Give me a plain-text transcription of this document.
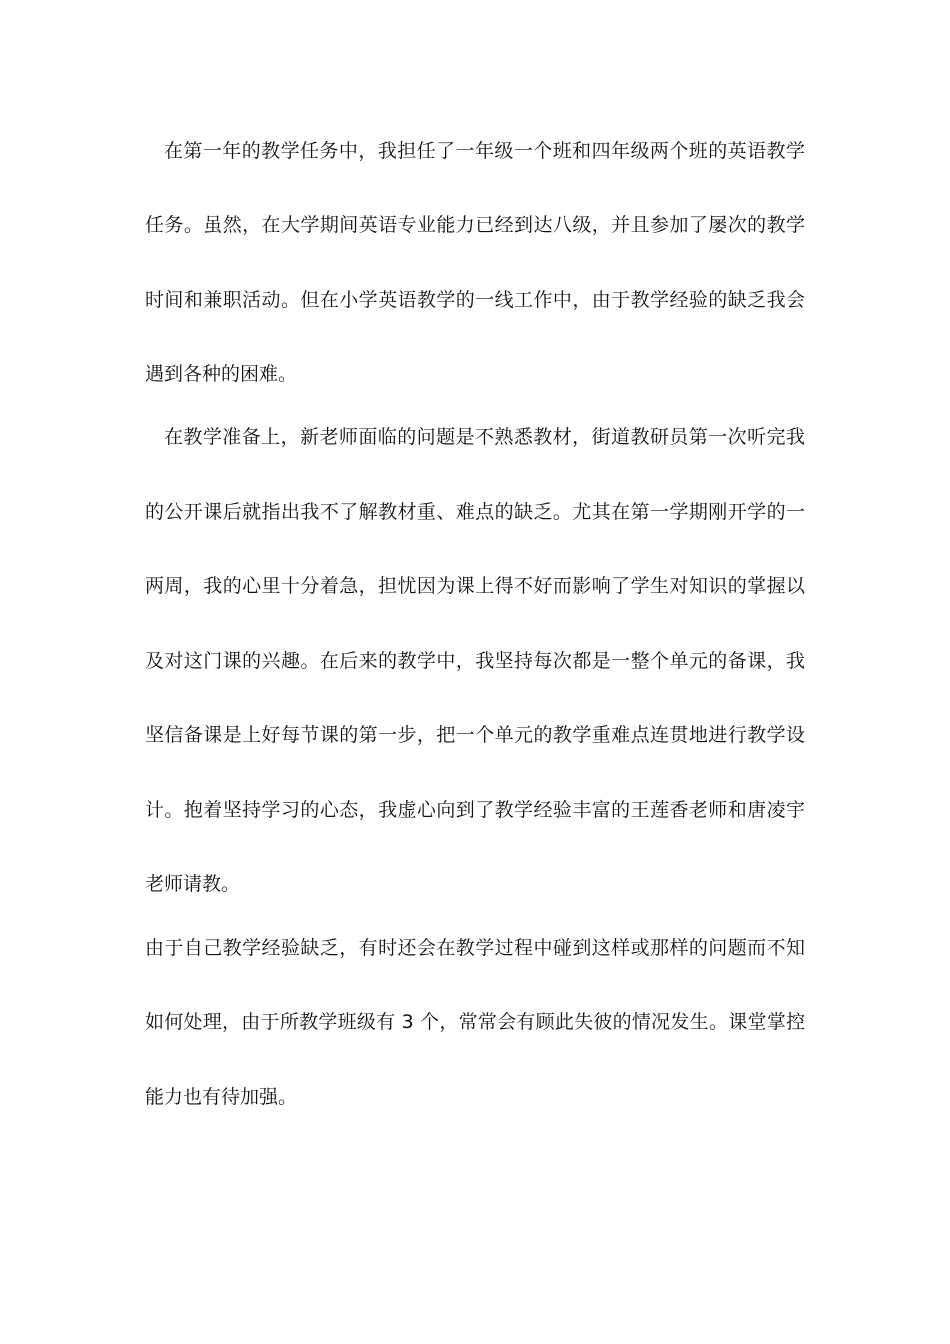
在第一年的教学任务中，我担任了一年级一个班和四年级两个班的英语教学
任务。虽然，在大学期间英语专业能力已经到达八级，并且参加了屡次的教学
时间和兼职活动。但在小学英语教学的一线工作中，由于教学经验的缺乏我会
遇到各种的困难。
在教学准备上，新老师面临的问题是不熟悉教材，街道教研员第一次听完我
的公开课后就指出我不了解教材重、难点的缺乏。尤其在第一学期刚开学的一
两周，我的心里十分着急，担忧因为课上得不好而影响了学生对知识的掌握以
及对这门课的兴趣。在后来的教学中，我坚持每次都是一整个单元的备课，我
坚信备课是上好每节课的第一步，把一个单元的教学重难点连贯地进行教学设
计。抱着坚持学习的心态，我虚心向到了教学经验丰富的王莲香老师和唐凌宇
老师请教。
由于自己教学经验缺乏，有时还会在教学过程中碰到这样或那样的问题而不知
如何处理，由于所教学班级有 3 个，常常会有顾此失彼的情况发生。课堂掌控
能力也有待加强。
